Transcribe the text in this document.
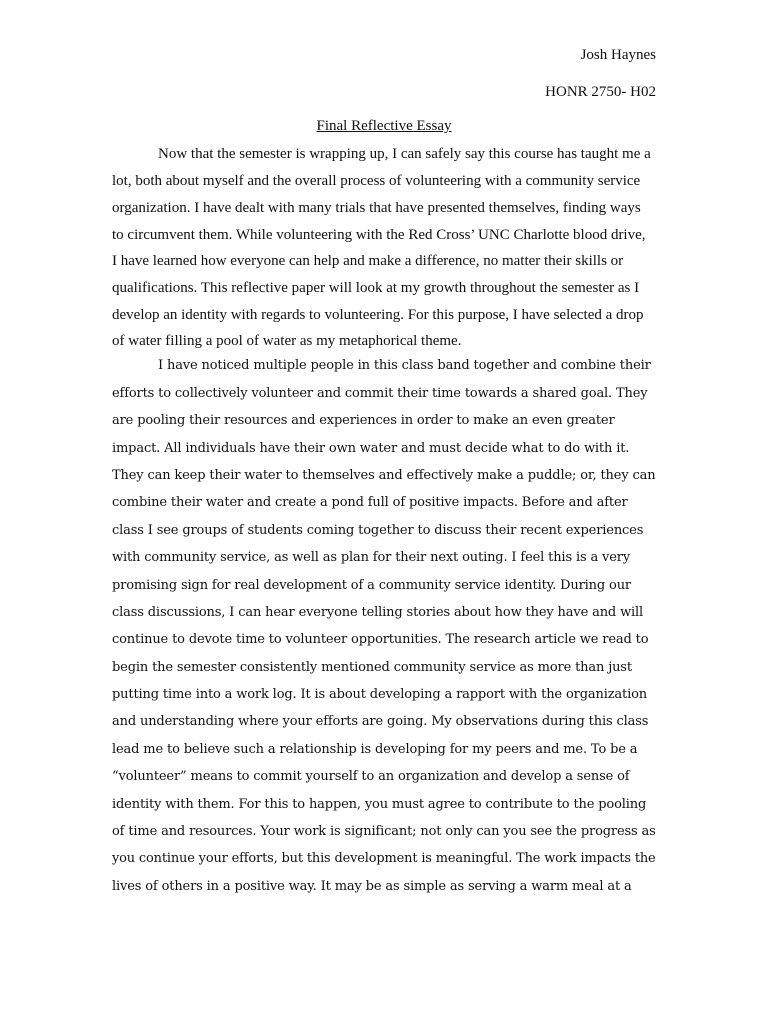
Josh Haynes
HONR 2750- H02
Final Reflective Essay
Now that the semester is wrapping up, I can safely say this course has taught me a
lot, both about myself and the overall process of volunteering with a community service
organization. I have dealt with many trials that have presented themselves, finding ways
to circumvent them. While volunteering with the Red Cross’ UNC Charlotte blood drive,
I have learned how everyone can help and make a difference, no matter their skills or
qualifications. This reflective paper will look at my growth throughout the semester as I
develop an identity with regards to volunteering. For this purpose, I have selected a drop
of water filling a pool of water as my metaphorical theme.
I have noticed multiple people in this class band together and combine their
efforts to collectively volunteer and commit their time towards a shared goal. They
are pooling their resources and experiences in order to make an even greater
impact. All individuals have their own water and must decide what to do with it.
They can keep their water to themselves and effectively make a puddle; or, they can
combine their water and create a pond full of positive impacts. Before and after
class I see groups of students coming together to discuss their recent experiences
with community service, as well as plan for their next outing. I feel this is a very
promising sign for real development of a community service identity. During our
class discussions, I can hear everyone telling stories about how they have and will
continue to devote time to volunteer opportunities. The research article we read to
begin the semester consistently mentioned community service as more than just
putting time into a work log. It is about developing a rapport with the organization
and understanding where your efforts are going. My observations during this class
lead me to believe such a relationship is developing for my peers and me. To be a
“volunteer” means to commit yourself to an organization and develop a sense of
identity with them. For this to happen, you must agree to contribute to the pooling
of time and resources. Your work is significant; not only can you see the progress as
you continue your efforts, but this development is meaningful. The work impacts the
lives of others in a positive way. It may be as simple as serving a warm meal at a
